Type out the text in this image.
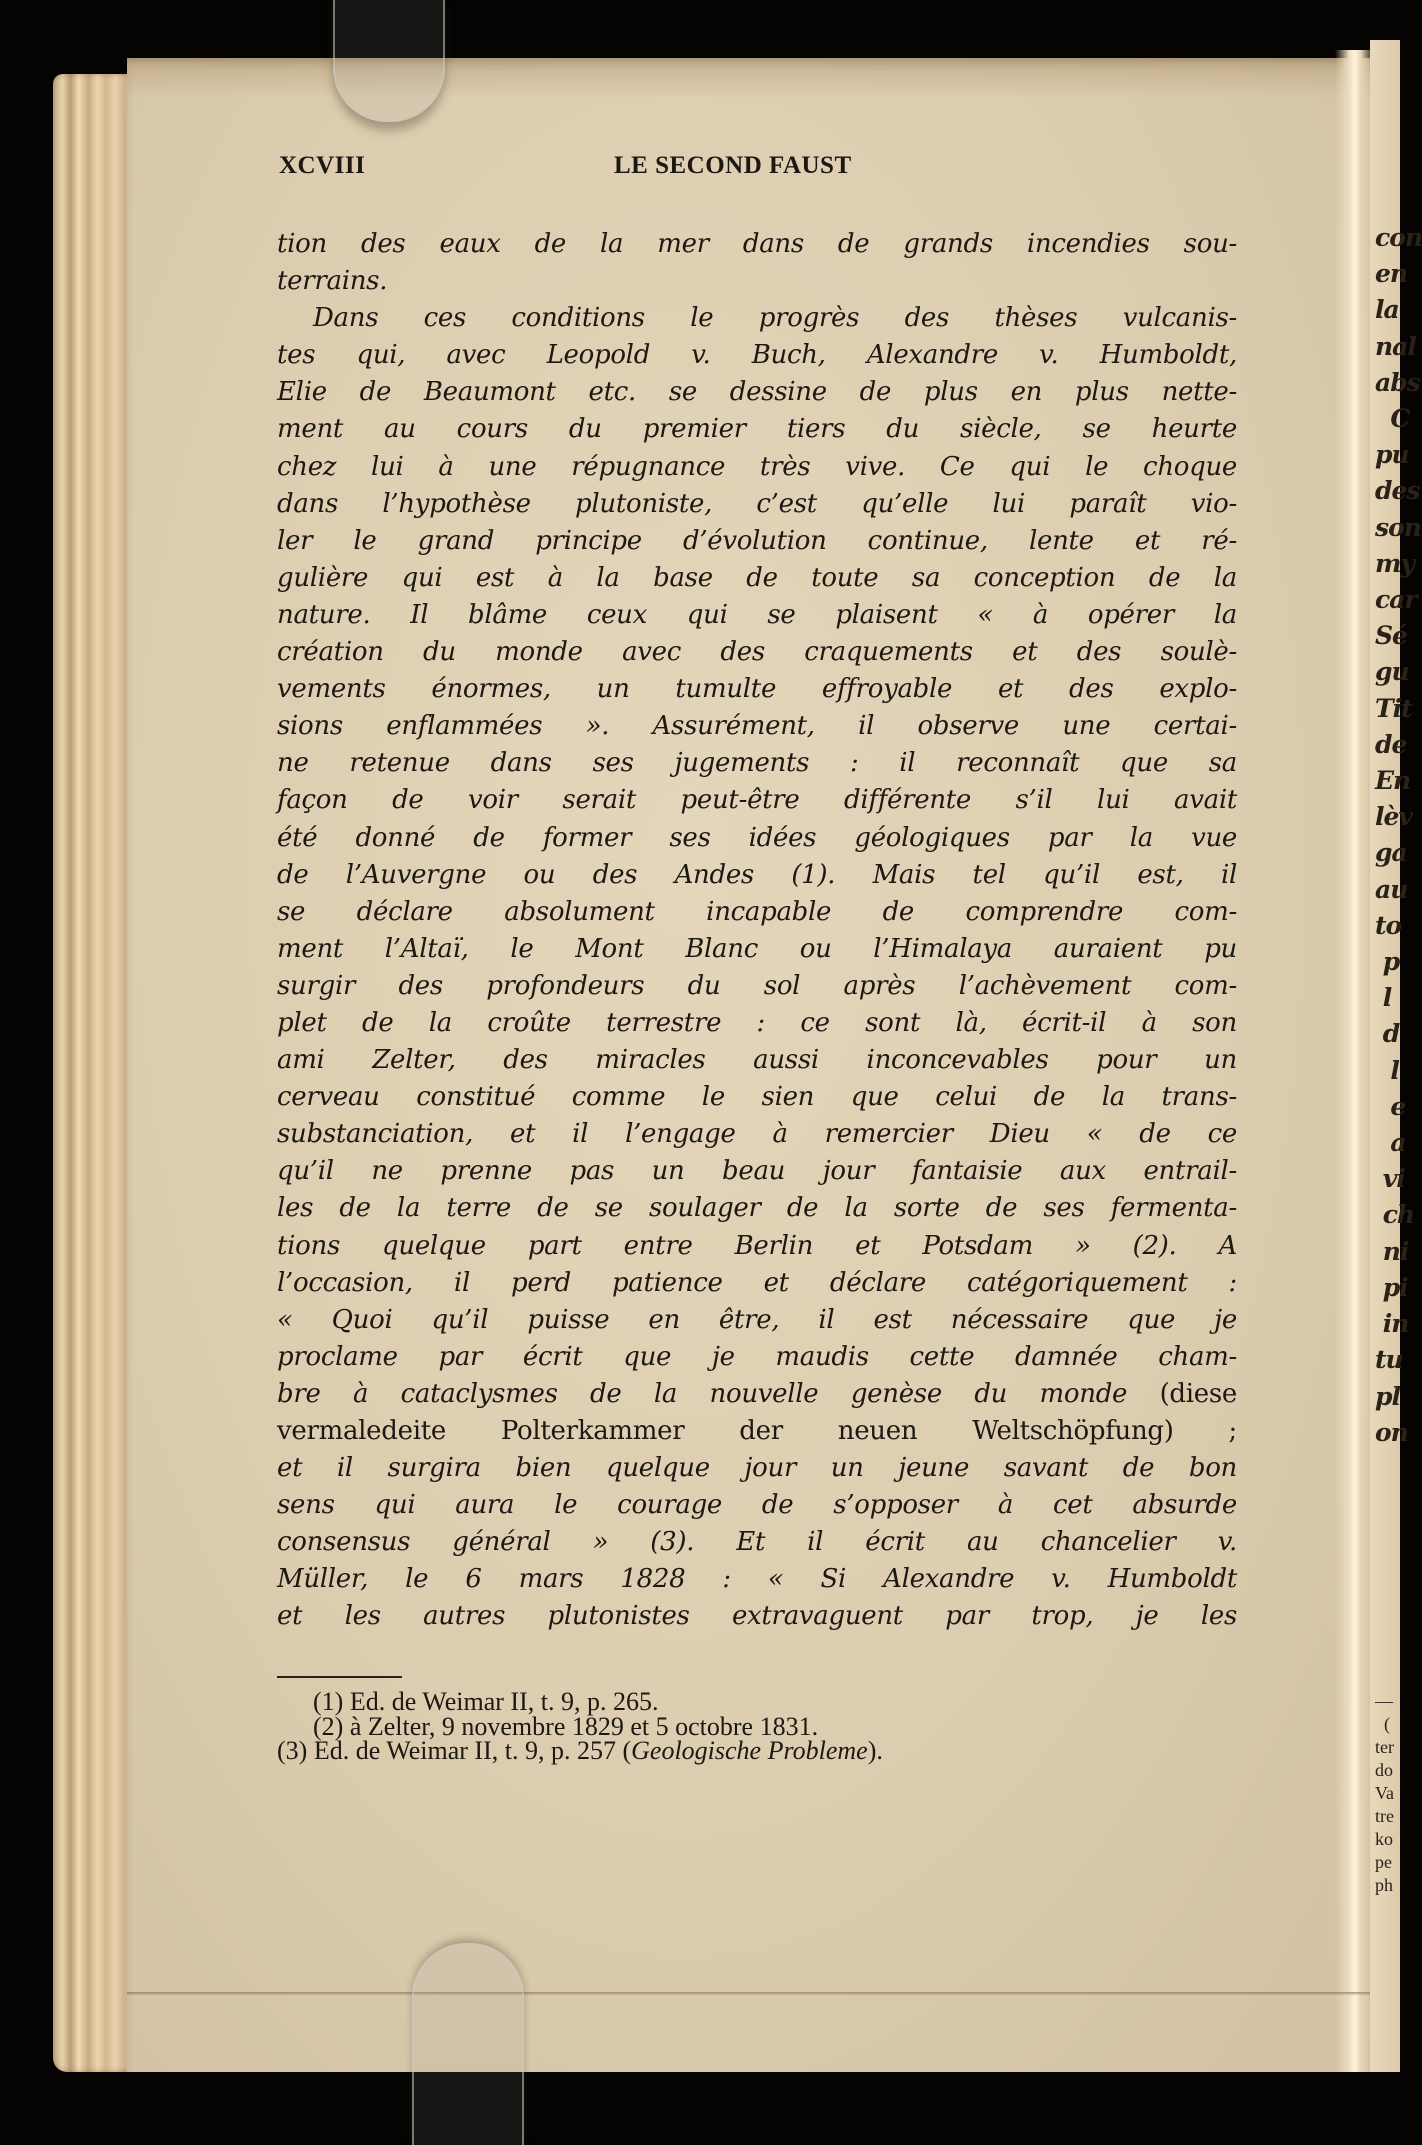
con
en
la
nal
abs
C
pu
des
son
my
car
Sé
gu
Tit
de
En
lèv
ga
au
to
p
l
d
l
e
a
vi
ch
ni
pi
in
tu
pl
on
—
(
ter
do
Va
tre
ko
pe
ph
XCVIII	LE SECOND FAUST
tion des eaux de la mer dans de grands incendies sou-
terrains.
Dans ces conditions le progrès des thèses vulcanis-
tes qui, avec Leopold v. Buch, Alexandre v. Humboldt,
Elie de Beaumont etc. se dessine de plus en plus nette-
ment au cours du premier tiers du siècle, se heurte
chez lui à une répugnance très vive. Ce qui le choque
dans l’hypothèse plutoniste, c’est qu’elle lui paraît vio-
ler le grand principe d’évolution continue, lente et ré-
gulière qui est à la base de toute sa conception de la
nature. Il blâme ceux qui se plaisent « à opérer la
création du monde avec des craquements et des soulè-
vements énormes, un tumulte effroyable et des explo-
sions enflammées ». Assurément, il observe une certai-
ne retenue dans ses jugements : il reconnaît que sa
façon de voir serait peut-être différente s’il lui avait
été donné de former ses idées géologiques par la vue
de l’Auvergne ou des Andes (1). Mais tel qu’il est, il
se déclare absolument incapable de comprendre com-
ment l’Altaï, le Mont Blanc ou l’Himalaya auraient pu
surgir des profondeurs du sol après l’achèvement com-
plet de la croûte terrestre : ce sont là, écrit-il à son
ami Zelter, des miracles aussi inconcevables pour un
cerveau constitué comme le sien que celui de la trans-
substanciation, et il l’engage à remercier Dieu « de ce
qu’il ne prenne pas un beau jour fantaisie aux entrail-
les de la terre de se soulager de la sorte de ses fermenta-
tions quelque part entre Berlin et Potsdam » (2). A
l’occasion, il perd patience et déclare catégoriquement :
« Quoi qu’il puisse en être, il est nécessaire que je
proclame par écrit que je maudis cette damnée cham-
bre à cataclysmes de la nouvelle genèse du monde (diese
vermaledeite Polterkammer der neuen Weltschöpfung) ;
et il surgira bien quelque jour un jeune savant de bon
sens qui aura le courage de s’opposer à cet absurde
consensus général » (3). Et il écrit au chancelier v.
Müller, le 6 mars 1828 : « Si Alexandre v. Humboldt
et les autres plutonistes extravaguent par trop, je les
(1) Ed. de Weimar II, t. 9, p. 265.
(2) à Zelter, 9 novembre 1829 et 5 octobre 1831.
(3) Ed. de Weimar II, t. 9, p. 257 (Geologische Probleme).
